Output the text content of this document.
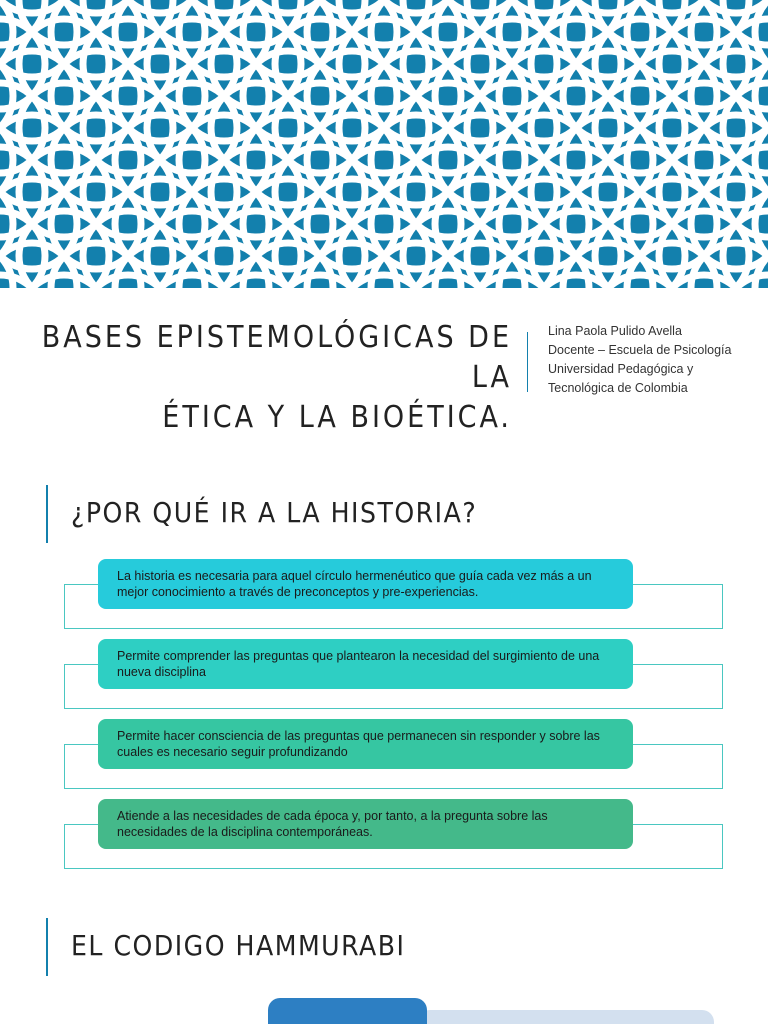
BASES EPISTEMOLÓGICAS DE LA
ÉTICA Y LA BIOÉTICA.
Lina Paola Pulido Avella
Docente – Escuela de Psicología
Universidad Pedagógica y
Tecnológica de Colombia
¿POR QUÉ IR A LA HISTORIA?
La historia es necesaria para aquel círculo hermenéutico que guía cada vez más a un mejor conocimiento a través de preconceptos y pre-experiencias.
Permite comprender las preguntas que plantearon la necesidad del surgimiento de una nueva disciplina
Permite hacer consciencia de las preguntas que permanecen sin responder y sobre las cuales es necesario seguir profundizando
Atiende a las necesidades de cada época y, por tanto, a la pregunta sobre las necesidades de la disciplina contemporáneas.
EL CODIGO HAMMURABI
